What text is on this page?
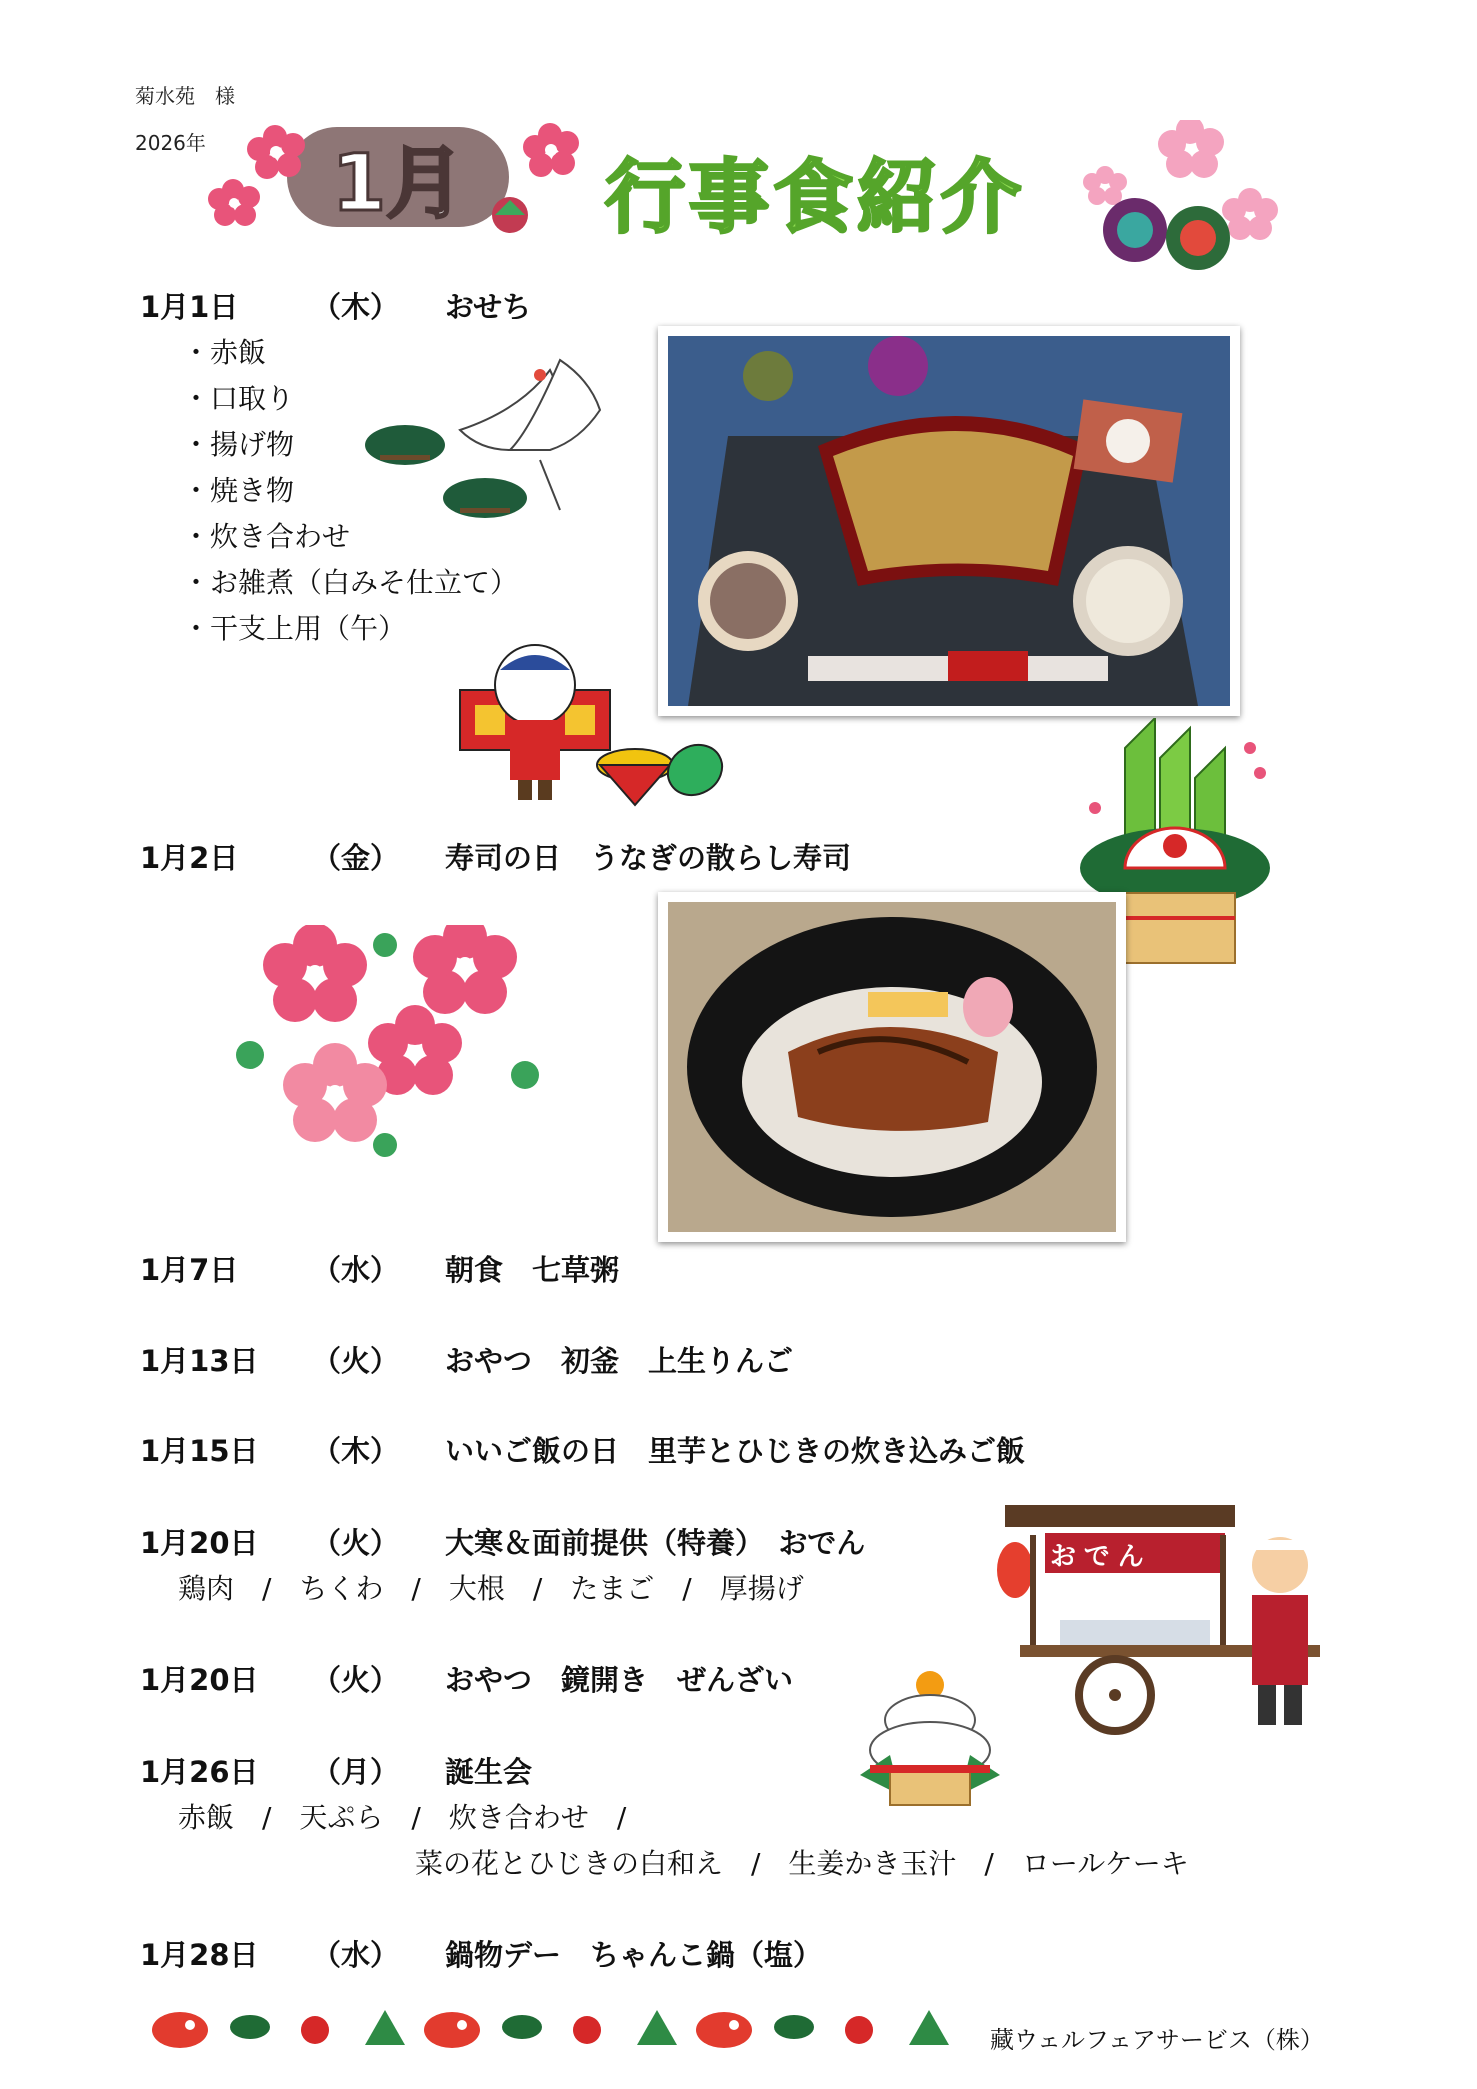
菊水苑　様
2026年	1月	行事食紹介
1月1日	（木） おせち
・赤飯
・口取り
・揚げ物
・焼き物
・炊き合わせ
・お雑煮（白みそ仕立て）
・干支上用（午）
1月2日	（金） 寿司の日　うなぎの散らし寿司
1月7日	（水） 朝食　七草粥
1月13日 （火） おやつ　初釜　上生りんご
1月15日 （木） いいご飯の日　里芋とひじきの炊き込みご飯
1月20日 （火） 大寒＆面前提供（特養）　おでん
鶏肉　/　ちくわ　/　大根　/　たまご　/　厚揚げ
おでん
1月20日 （火） おやつ　鏡開き　ぜんざい
1月26日 （月） 誕生会
赤飯　/　天ぷら　/　炊き合わせ　/
菜の花とひじきの白和え　/　生姜かき玉汁　/　ロールケーキ
1月28日 （水） 鍋物デー　ちゃんこ鍋（塩）
藏ウェルフェアサービス（株）
